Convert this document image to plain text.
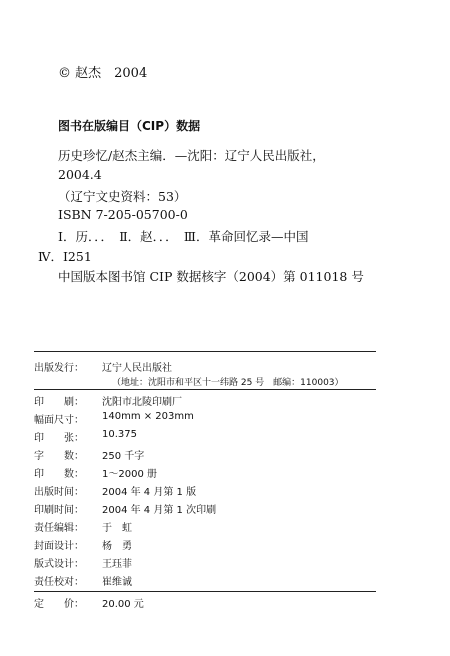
© 赵杰　2004
图书在版编目（CIP）数据
历史珍忆/赵杰主编．—沈阳：辽宁人民出版社，
2004.4
（辽宁文史资料：53）
ISBN 7-205-05700-0
Ⅰ．历．．．　Ⅱ．赵．．．　Ⅲ．革命回忆录—中国
Ⅳ．I251
中国版本图书馆 CIP 数据核字（2004）第 011018 号
出版发行： 辽宁人民出版社
（地址：沈阳市和平区十一纬路 25 号　邮编：110003）
印　　刷： 沈阳市北陵印刷厂
幅面尺寸： 140mm × 203mm
印　　张： 10.375
字　　数： 250 千字
印　　数： 1～2000 册
出版时间： 2004 年 4 月第 1 版
印刷时间： 2004 年 4 月第 1 次印刷
责任编辑： 于　虹
封面设计： 杨　勇
版式设计： 王珏菲
责任校对： 崔维诚
定　　价： 20.00 元
